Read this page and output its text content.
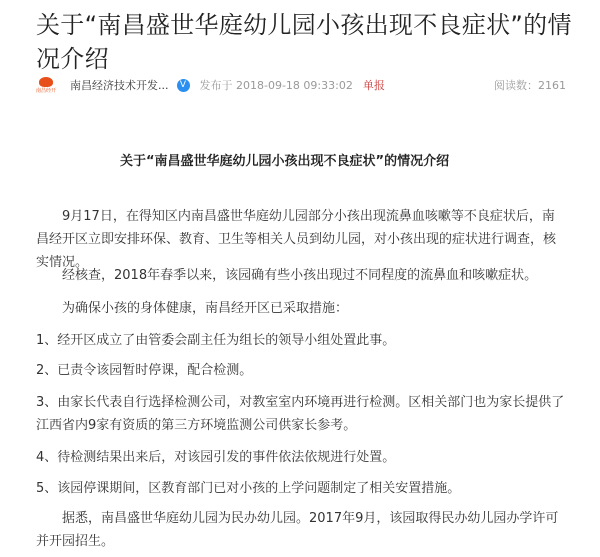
关于“南昌盛世华庭幼儿园小孩出现不良症状”的情况介绍
南昌经开 南昌经济技术开发...	V	发布于 2018-09-18 09:33:02 单报	阅读数：2161
关于“南昌盛世华庭幼儿园小孩出现不良症状”的情况介绍
9月17日，在得知区内南昌盛世华庭幼儿园部分小孩出现流鼻血咳嗽等不良症状后，南昌经开区立即安排环保、教育、卫生等相关人员到幼儿园，对小孩出现的症状进行调查，核实情况。
经核查，2018年春季以来，该园确有些小孩出现过不同程度的流鼻血和咳嗽症状。
为确保小孩的身体健康，南昌经开区已采取措施：
1、经开区成立了由管委会副主任为组长的领导小组处置此事。
2、已责令该园暂时停课，配合检测。
3、由家长代表自行选择检测公司，对教室室内环境再进行检测。区相关部门也为家长提供了江西省内9家有资质的第三方环境监测公司供家长参考。
4、待检测结果出来后，对该园引发的事件依法依规进行处置。
5、该园停课期间，区教育部门已对小孩的上学问题制定了相关安置措施。
据悉，南昌盛世华庭幼儿园为民办幼儿园。2017年9月，该园取得民办幼儿园办学许可并开园招生。
